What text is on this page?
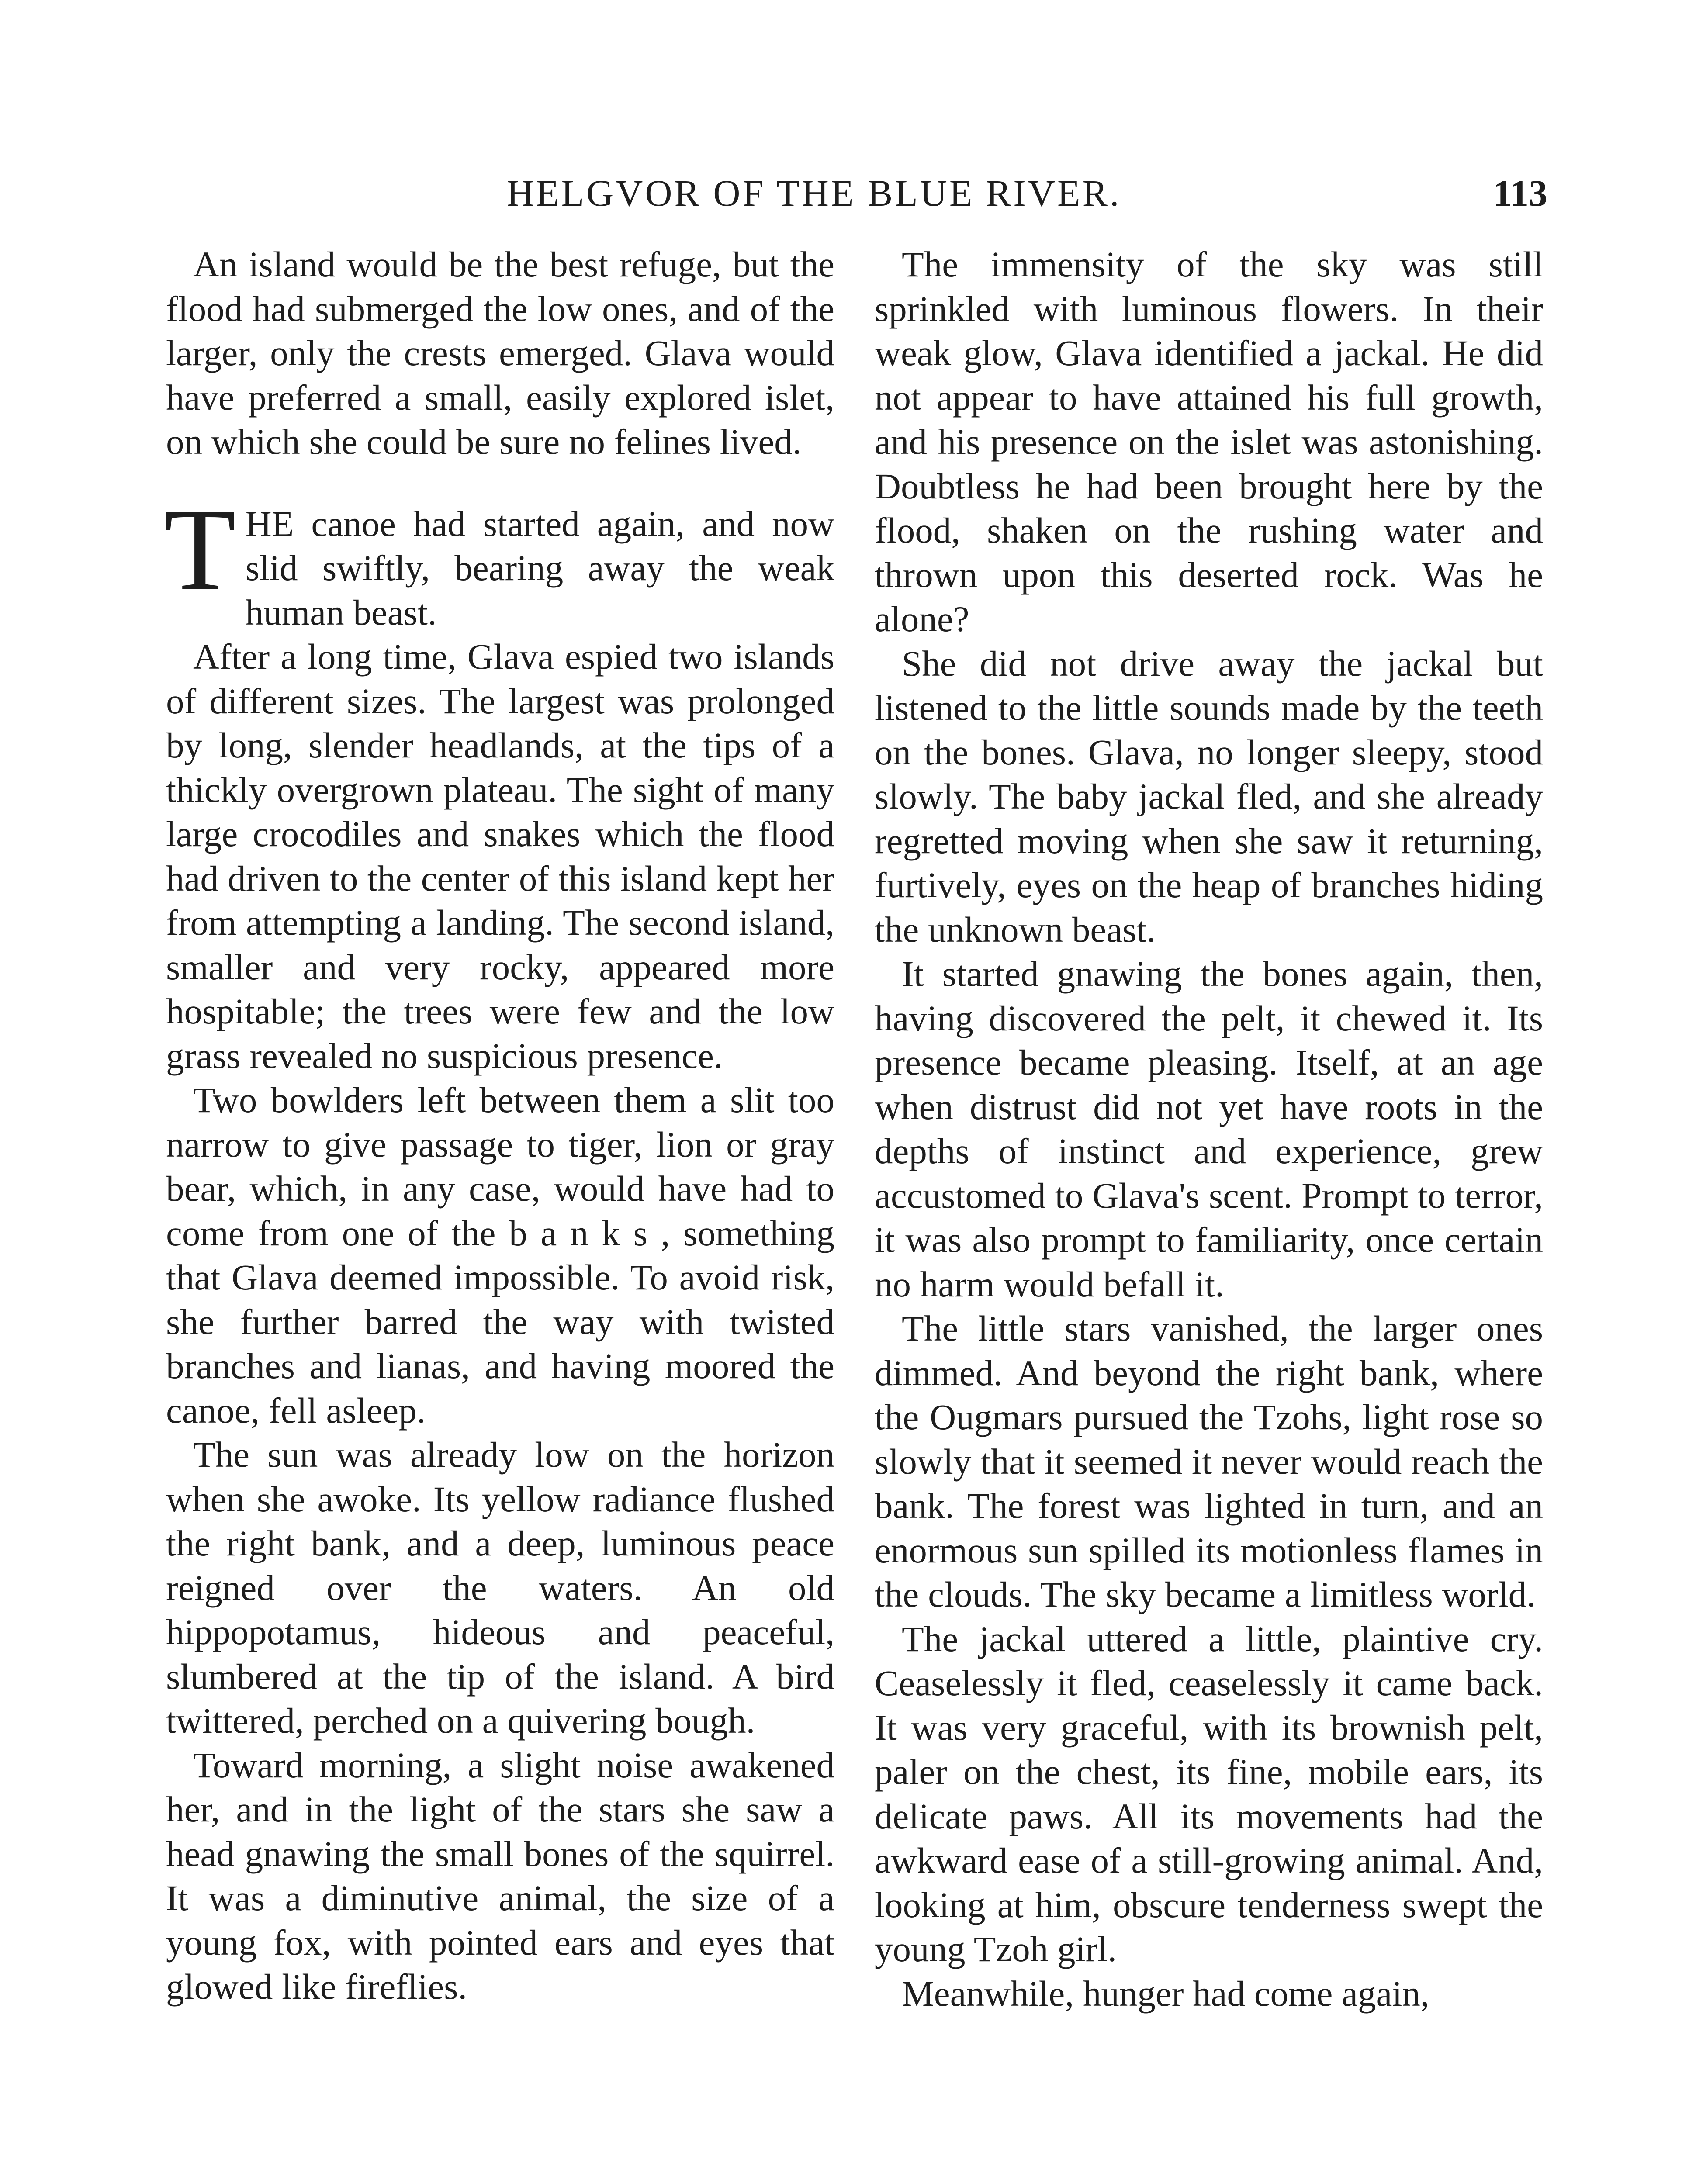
HELGVOR OF THE BLUE RIVER.	113

An island would be the best refuge, but the flood had submerged the low ones, and of the larger, only the crests emerged. Glava would have preferred a small, easily explored islet, on which she could be sure no felines lived.

THE canoe had started again, and now slid swiftly, bearing away the weak human beast.

After a long time, Glava espied two islands of different sizes. The largest was prolonged by long, slender headlands, at the tips of a thickly overgrown plateau. The sight of many large crocodiles and snakes which the flood had driven to the center of this island kept her from attempting a landing. The second island, smaller and very rocky, appeared more hospitable; the trees were few and the low grass revealed no suspicious presence.

Two bowlders left between them a slit too narrow to give passage to tiger, lion or gray bear, which, in any case, would have had to come from one of the b a n k s , something that Glava deemed impossible. To avoid risk, she further barred the way with twisted branches and lianas, and having moored the canoe, fell asleep.

The sun was already low on the horizon when she awoke. Its yellow radiance flushed the right bank, and a deep, luminous peace reigned over the waters. An old hippopotamus, hideous and peaceful, slumbered at the tip of the island. A bird twittered, perched on a quivering bough.

Toward morning, a slight noise awakened her, and in the light of the stars she saw a head gnawing the small bones of the squirrel. It was a diminutive animal, the size of a young fox, with pointed ears and eyes that glowed like fireflies.

The immensity of the sky was still sprinkled with luminous flowers. In their weak glow, Glava identified a jackal. He did not appear to have attained his full growth, and his presence on the islet was astonishing. Doubtless he had been brought here by the flood, shaken on the rushing water and thrown upon this deserted rock. Was he alone?

She did not drive away the jackal but listened to the little sounds made by the teeth on the bones. Glava, no longer sleepy, stood slowly. The baby jackal fled, and she already regretted moving when she saw it returning, furtively, eyes on the heap of branches hiding the unknown beast.

It started gnawing the bones again, then, having discovered the pelt, it chewed it. Its presence became pleasing. Itself, at an age when distrust did not yet have roots in the depths of instinct and experience, grew accustomed to Glava's scent. Prompt to terror, it was also prompt to familiarity, once certain no harm would befall it.

The little stars vanished, the larger ones dimmed. And beyond the right bank, where the Ougmars pursued the Tzohs, light rose so slowly that it seemed it never would reach the bank. The forest was lighted in turn, and an enormous sun spilled its motionless flames in the clouds. The sky became a limitless world.

The jackal uttered a little, plaintive cry. Ceaselessly it fled, ceaselessly it came back. It was very graceful, with its brownish pelt, paler on the chest, its fine, mobile ears, its delicate paws. All its movements had the awkward ease of a still-growing animal. And, looking at him, obscure tenderness swept the young Tzoh girl.

Meanwhile, hunger had come again,
